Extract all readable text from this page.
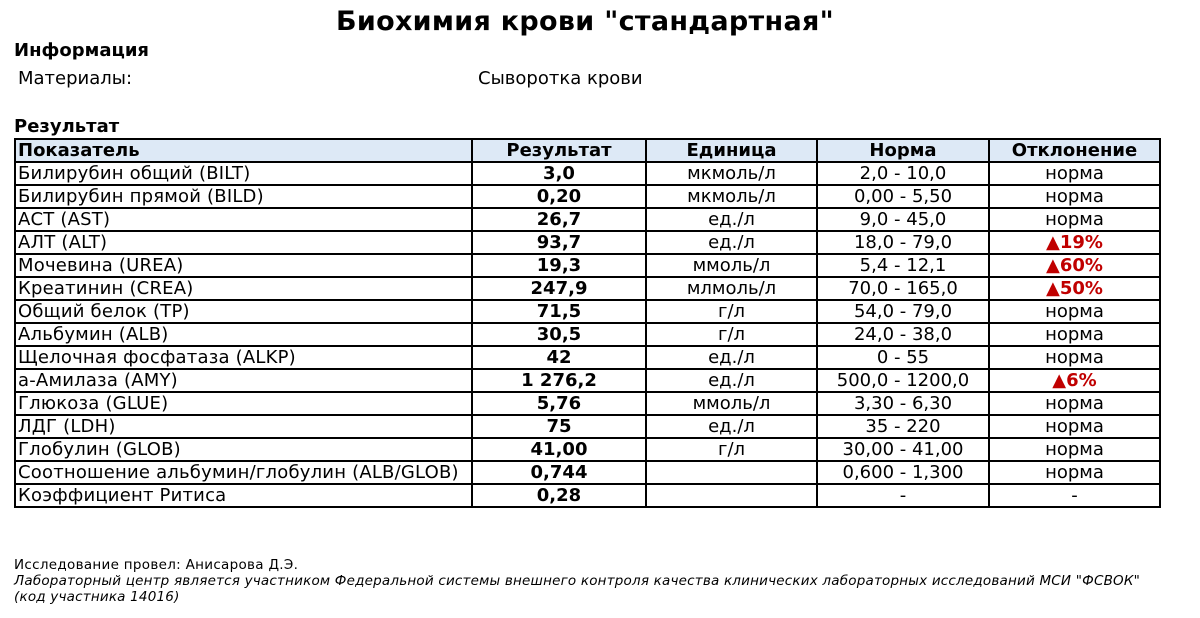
Биохимия крови "стандартная"
Информация
Материалы:	Сыворотка крови
Результат
Показатель	Результат	Единица	Норма	Отклонение
Билирубин общий (BILT)	3,0	мкмоль/л	2,0 - 10,0	норма
Билирубин прямой (BILD)	0,20	мкмоль/л	0,00 - 5,50	норма
АСТ (AST)	26,7	ед./л	9,0 - 45,0	норма
АЛТ (ALT)	93,7	ед./л	18,0 - 79,0	▲19%
Мочевина (UREA)	19,3	ммоль/л	5,4 - 12,1	▲60%
Креатинин (CREA)	247,9	млмоль/л	70,0 - 165,0	▲50%
Общий белок (TP)	71,5	г/л	54,0 - 79,0	норма
Альбумин (ALB)	30,5	г/л	24,0 - 38,0	норма
Щелочная фосфатаза (ALKP)	42	ед./л	0 - 55	норма
a-Амилаза (AMY)	1 276,2	ед./л	500,0 - 1200,0	▲6%
Глюкоза (GLUE)	5,76	ммоль/л	3,30 - 6,30	норма
ЛДГ (LDH)	75	ед./л	35 - 220	норма
Глобулин (GLOB)	41,00	г/л	30,00 - 41,00	норма
Соотношение альбумин/глобулин (ALB/GLOB)	0,744		0,600 - 1,300	норма
Коэффициент Ритиса	0,28		-	-
Исследование провел: Анисарова Д.Э.
Лабораторный центр является участником Федеральной системы внешнего контроля качества клинических лабораторных исследований МСИ "ФСВОК" (код участника 14016)
